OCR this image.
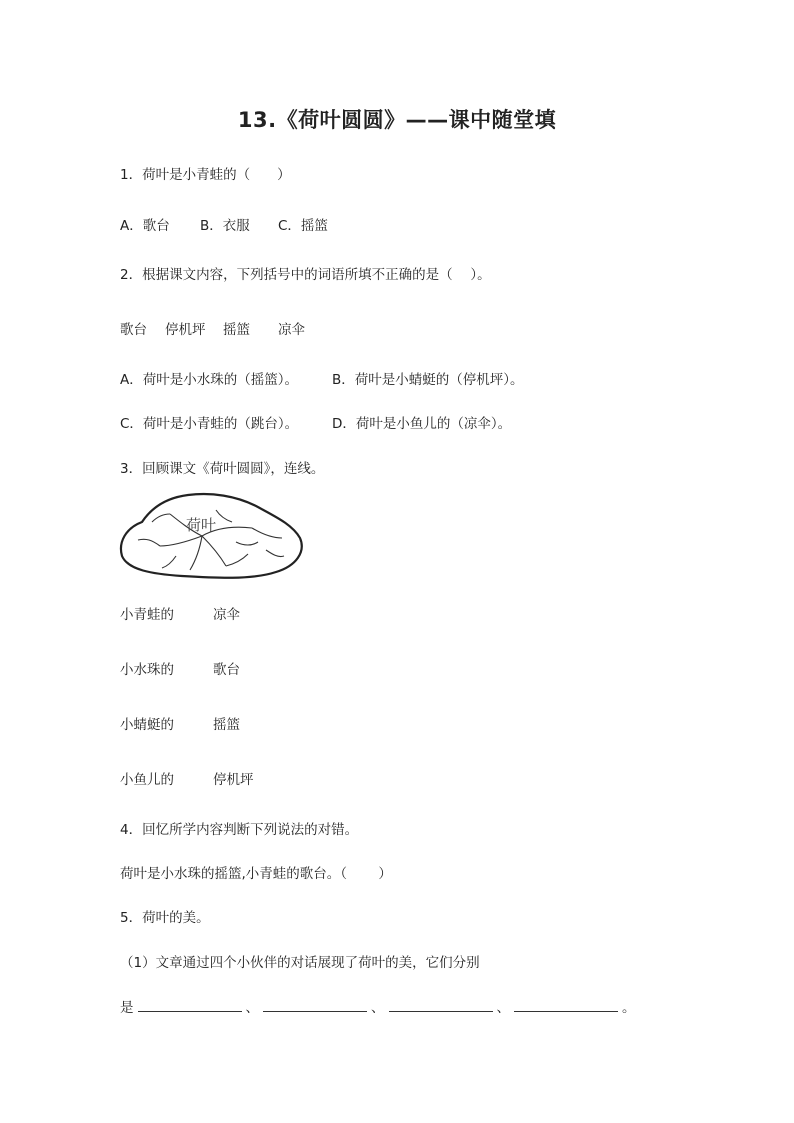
13.《荷叶圆圆》——课中随堂填
1．荷叶是小青蛙的（　　）
A．歌台 B．衣服 C．摇篮
2．根据课文内容，下列括号中的词语所填不正确的是（　 ）。
歌台 停机坪 摇篮 凉伞
A．荷叶是小水珠的（摇篮）。	B．荷叶是小蜻蜓的（停机坪）。
C．荷叶是小青蛙的（跳台）。	D．荷叶是小鱼儿的（凉伞）。
3．回顾课文《荷叶圆圆》，连线。
荷叶
小青蛙的	凉伞
小水珠的	歌台
小蜻蜓的	摇篮
小鱼儿的	停机坪
4．回忆所学内容判断下列说法的对错。
荷叶是小水珠的摇篮,小青蛙的歌台。（　　 ）
5．荷叶的美。
（1）文章通过四个小伙伴的对话展现了荷叶的美，它们分别
是	、	、	、	。
